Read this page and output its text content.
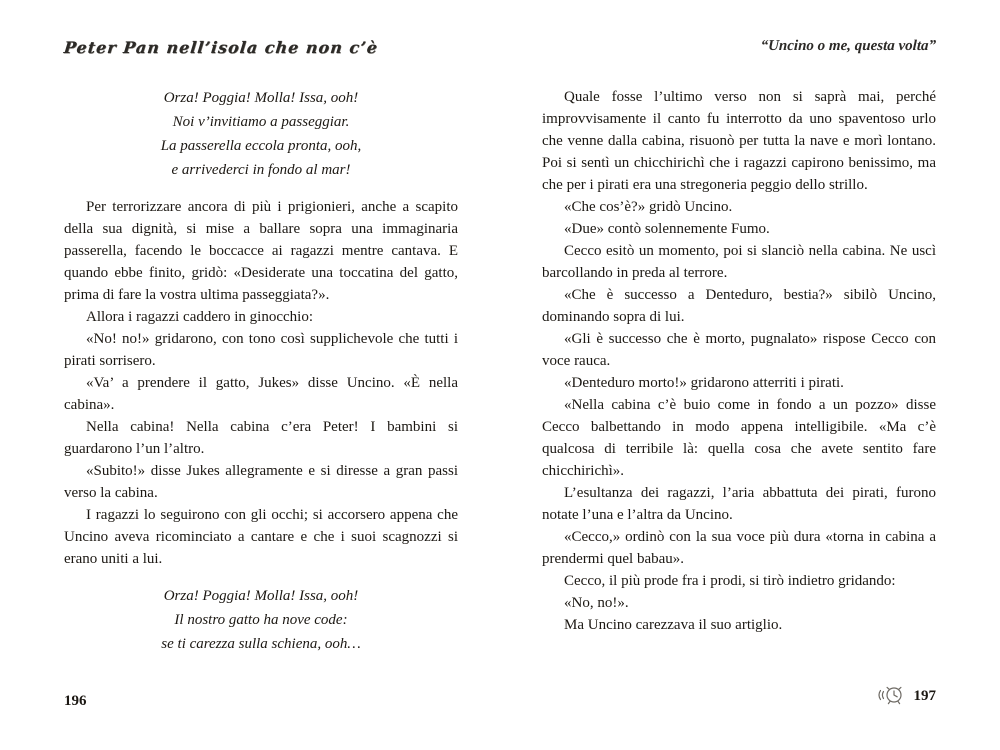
Peter Pan nell’isola che non c’è
Orza! Poggia! Molla! Issa, ooh!
Noi v’invitiamo a passeggiar.
La passerella eccola pronta, ooh,
e arrivederci in fondo al mar!

Per terrorizzare ancora di più i prigionieri, anche a scapito della sua dignità, si mise a ballare sopra una immaginaria passerella, facendo le boccacce ai ragazzi mentre cantava. E quando ebbe finito, gridò: «Desiderate una toccatina del gatto, prima di fare la vostra ultima passeggiata?».

Allora i ragazzi caddero in ginocchio:

«No! no!» gridarono, con tono così supplichevole che tutti i pirati sorrisero.

«Va’ a prendere il gatto, Jukes» disse Uncino. «È nella cabina».

Nella cabina! Nella cabina c’era Peter! I bambini si guardarono l’un l’altro.

«Subito!» disse Jukes allegramente e si diresse a gran passi verso la cabina.

I ragazzi lo seguirono con gli occhi; si accorsero appena che Uncino aveva ricominciato a cantare e che i suoi scagnozzi si erano uniti a lui.

Orza! Poggia! Molla! Issa, ooh!
Il nostro gatto ha nove code:
se ti carezza sulla schiena, ooh…
196
“Uncino o me, questa volta”

Quale fosse l’ultimo verso non si saprà mai, perché improvvisamente il canto fu interrotto da uno spaventoso urlo che venne dalla cabina, risuonò per tutta la nave e morì lontano. Poi si sentì un chicchirichì che i ragazzi capirono benissimo, ma che per i pirati era una stregoneria peggio dello strillo.

«Che cos’è?» gridò Uncino.

«Due» contò solennemente Fumo.

Cecco esitò un momento, poi si slanciò nella cabina. Ne uscì barcollando in preda al terrore.

«Che è successo a Denteduro, bestia?» sibilò Uncino, dominando sopra di lui.

«Gli è successo che è morto, pugnalato» rispose Cecco con voce rauca.

«Denteduro morto!» gridarono atterriti i pirati.

«Nella cabina c’è buio come in fondo a un pozzo» disse Cecco balbettando in modo appena intelligibile. «Ma c’è qualcosa di terribile là: quella cosa che avete sentito fare chicchirichì».

L’esultanza dei ragazzi, l’aria abbattuta dei pirati, furono notate l’una e l’altra da Uncino.

«Cecco,» ordinò con la sua voce più dura «torna in cabina a prendermi quel babau».

Cecco, il più prode fra i prodi, si tirò indietro gridando:

«No, no!».

Ma Uncino carezzava il suo artiglio.

197
